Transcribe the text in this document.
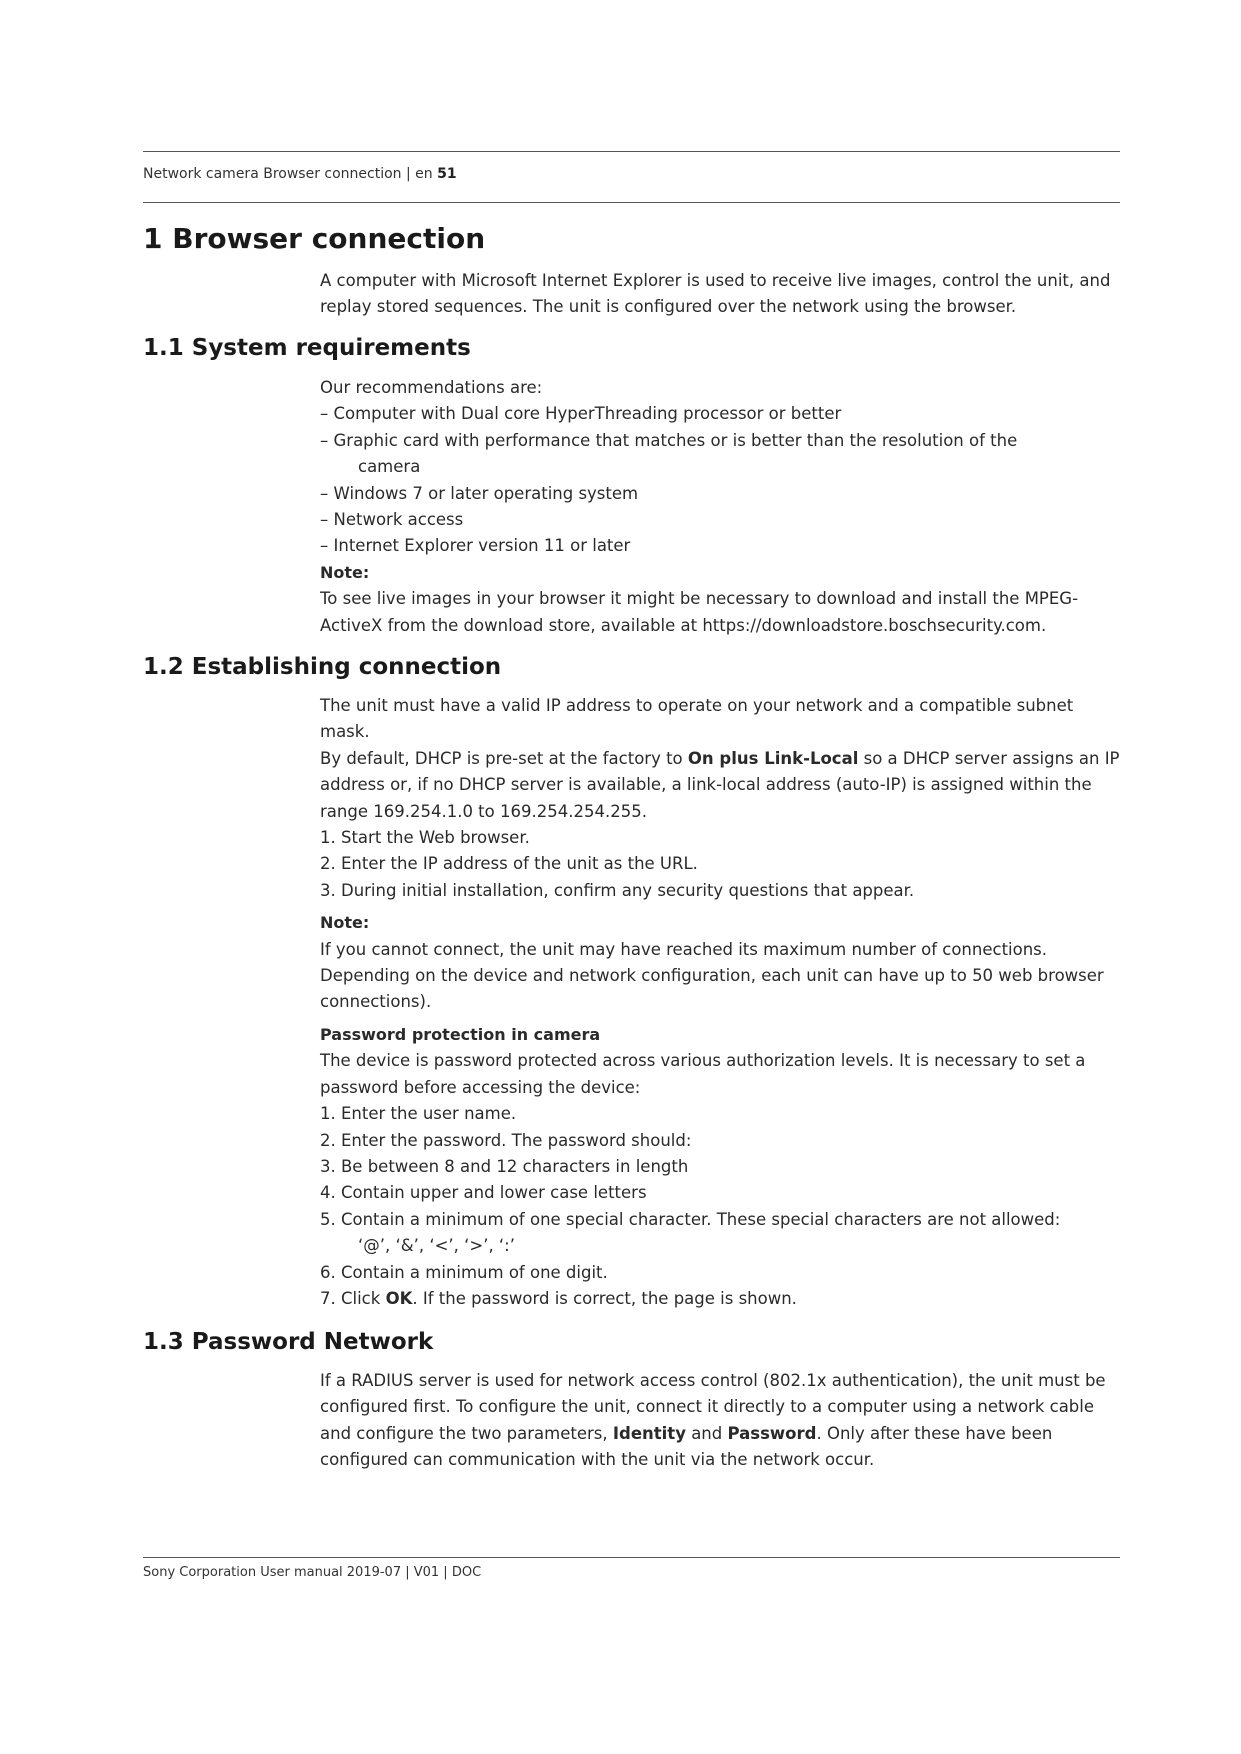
Network camera Browser connection | en 51
1 Browser connection

A computer with Microsoft Internet Explorer is used to receive live images, control the unit, and replay stored sequences. The unit is configured over the network using the browser.

1.1 System requirements

Our recommendations are:

– Computer with Dual core HyperThreading processor or better

– Graphic card with performance that matches or is better than the resolution of the

camera

– Windows 7 or later operating system

– Network access

– Internet Explorer version 11 or later

Note:

To see live images in your browser it might be necessary to download and install the MPEG-ActiveX from the download store, available at https://downloadstore.boschsecurity.com.

1.2 Establishing connection

The unit must have a valid IP address to operate on your network and a compatible subnet mask.

By default, DHCP is pre-set at the factory to On plus Link-Local so a DHCP server assigns an IP address or, if no DHCP server is available, a link-local address (auto-IP) is assigned within the range 169.254.1.0 to 169.254.254.255.

1. Start the Web browser.

2. Enter the IP address of the unit as the URL.

3. During initial installation, confirm any security questions that appear.

Note:

If you cannot connect, the unit may have reached its maximum number of connections. Depending on the device and network configuration, each unit can have up to 50 web browser connections).

Password protection in camera

The device is password protected across various authorization levels. It is necessary to set a password before accessing the device:

1. Enter the user name.

2. Enter the password. The password should:

3. Be between 8 and 12 characters in length

4. Contain upper and lower case letters

5. Contain a minimum of one special character. These special characters are not allowed:

‘@’, ‘&’, ‘<’, ‘>’, ‘:’

6. Contain a minimum of one digit.

7. Click OK. If the password is correct, the page is shown.

1.3 Password Network

If a RADIUS server is used for network access control (802.1x authentication), the unit must be configured first. To configure the unit, connect it directly to a computer using a network cable and configure the two parameters, Identity and Password. Only after these have been configured can communication with the unit via the network occur.

Sony Corporation User manual 2019-07 | V01 | DOC
